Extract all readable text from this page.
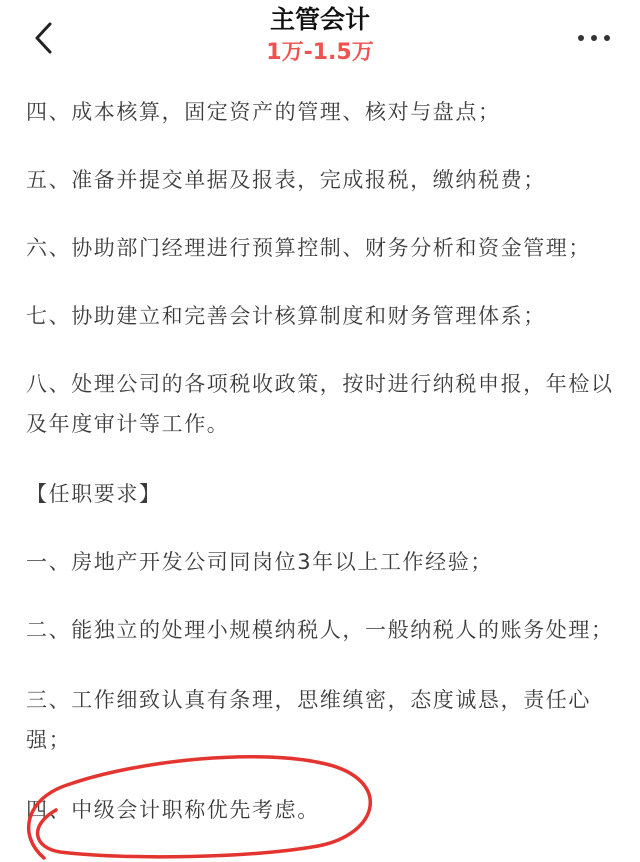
主管会计
1万-1.5万

四、成本核算，固定资产的管理、核对与盘点；

五、准备并提交单据及报表，完成报税，缴纳税费；

六、协助部门经理进行预算控制、财务分析和资金管理；

七、协助建立和完善会计核算制度和财务管理体系；

八、处理公司的各项税收政策，按时进行纳税申报，年检以及年度审计等工作。

【任职要求】

一、房地产开发公司同岗位3年以上工作经验；

二、能独立的处理小规模纳税人，一般纳税人的账务处理；

三、工作细致认真有条理，思维缜密，态度诚恳，责任心强；

四、中级会计职称优先考虑。
